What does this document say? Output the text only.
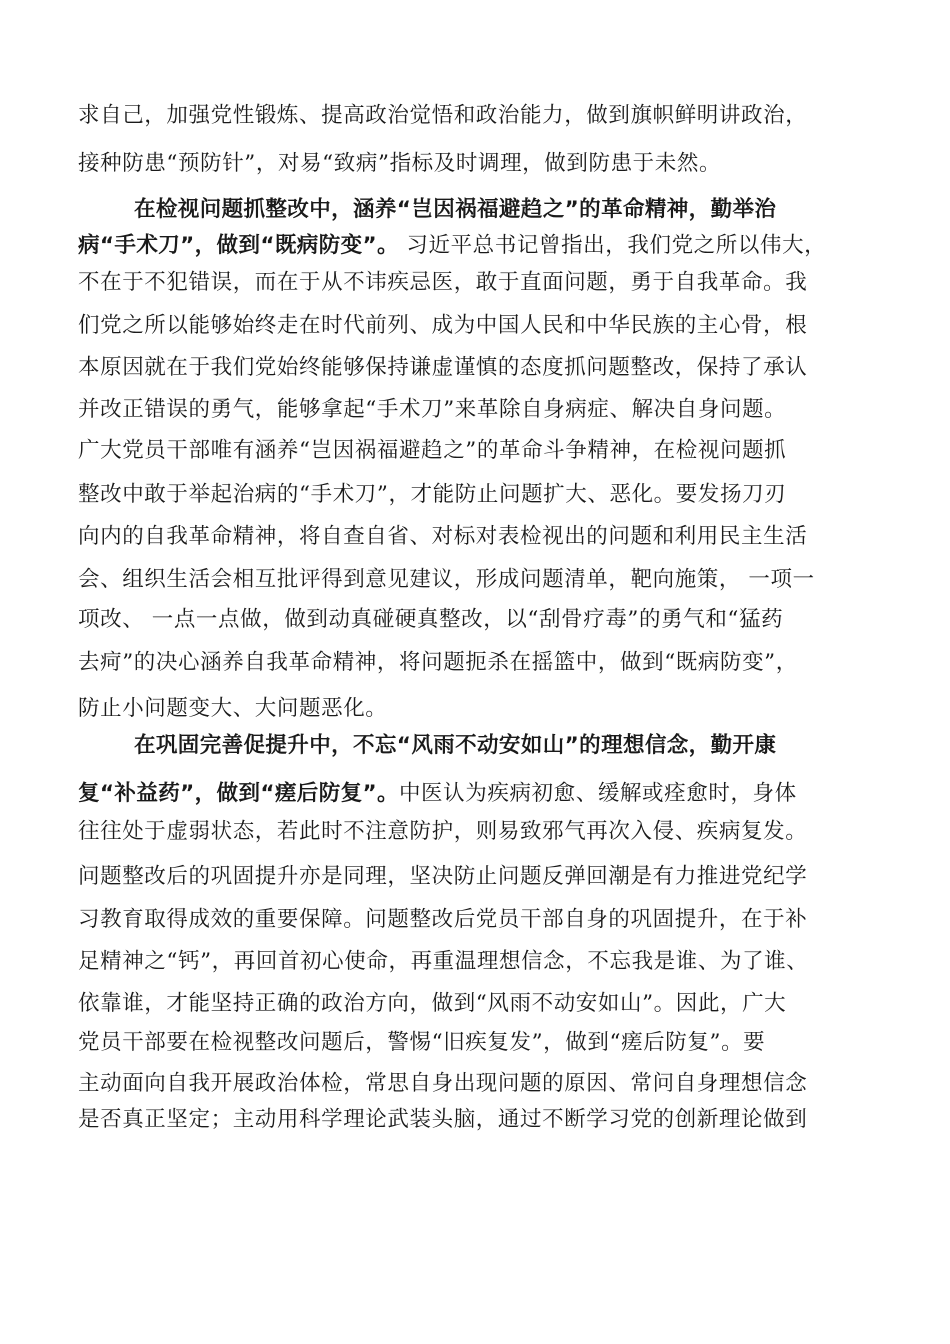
求自己，加强党性锻炼、提高政治觉悟和政治能力，做到旗帜鲜明讲政治，
接种防患“预防针”，对易“致病”指标及时调理，做到防患于未然。
在检视问题抓整改中，涵养“岂因祸福避趋之”的革命精神，勤举治
病“手术刀”，做到“既病防变”。 习近平总书记曾指出，我们党之所以伟大，
不在于不犯错误，而在于从不讳疾忌医，敢于直面问题，勇于自我革命。我
们党之所以能够始终走在时代前列、成为中国人民和中华民族的主心骨，根
本原因就在于我们党始终能够保持谦虚谨慎的态度抓问题整改，保持了承认
并改正错误的勇气，能够拿起“手术刀”来革除自身病症、解决自身问题。
广大党员干部唯有涵养“岂因祸福避趋之”的革命斗争精神，在检视问题抓
整改中敢于举起治病的“手术刀”，才能防止问题扩大、恶化。要发扬刀刃
向内的自我革命精神，将自查自省、对标对表检视出的问题和利用民主生活
会、组织生活会相互批评得到意见建议，形成问题清单，靶向施策， 一项一
项改、 一点一点做，做到动真碰硬真整改，以“刮骨疗毒”的勇气和“猛药
去疴”的决心涵养自我革命精神，将问题扼杀在摇篮中，做到“既病防变”，
防止小问题变大、大问题恶化。
在巩固完善促提升中，不忘“风雨不动安如山”的理想信念，勤开康
复“补益药”，做到“瘥后防复”。中医认为疾病初愈、缓解或痊愈时，身体
往往处于虚弱状态，若此时不注意防护，则易致邪气再次入侵、疾病复发。
问题整改后的巩固提升亦是同理，坚决防止问题反弹回潮是有力推进党纪学
习教育取得成效的重要保障。问题整改后党员干部自身的巩固提升，在于补
足精神之“钙”，再回首初心使命，再重温理想信念，不忘我是谁、为了谁、
依靠谁，才能坚持正确的政治方向，做到“风雨不动安如山”。因此，广大
党员干部要在检视整改问题后，警惕“旧疾复发”，做到“瘥后防复”。要
主动面向自我开展政治体检，常思自身出现问题的原因、常问自身理想信念
是否真正坚定；主动用科学理论武装头脑，通过不断学习党的创新理论做到
